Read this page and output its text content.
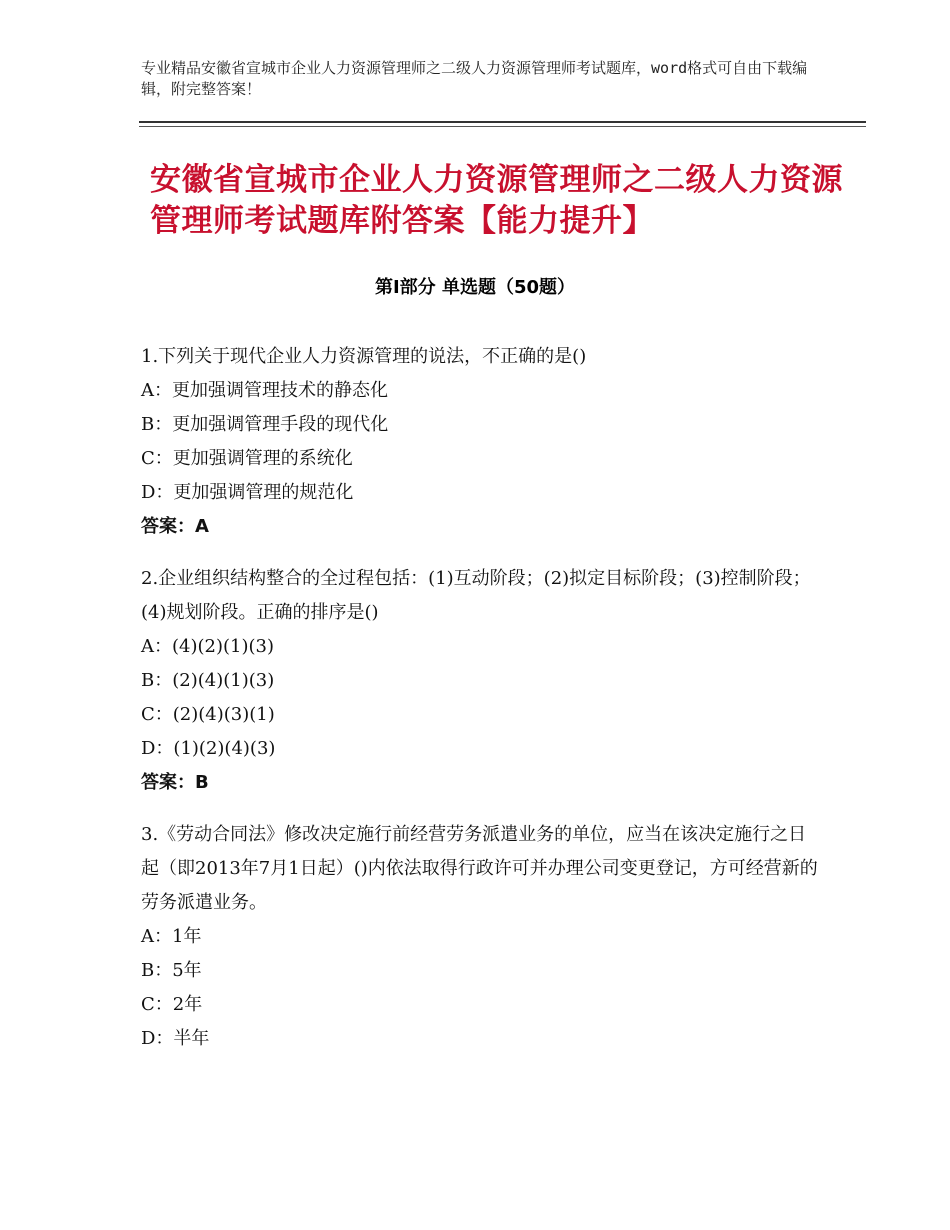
专业精品安徽省宣城市企业人力资源管理师之二级人力资源管理师考试题库，word格式可自由下载编辑，附完整答案！
安徽省宣城市企业人力资源管理师之二级人力资源管理师考试题库附答案【能力提升】
第Ⅰ部分 单选题（50题）

1.下列关于现代企业人力资源管理的说法，不正确的是()

A：更加强调管理技术的静态化

B：更加强调管理手段的现代化

C：更加强调管理的系统化

D：更加强调管理的规范化

答案：A

2.企业组织结构整合的全过程包括：(1)互动阶段；(2)拟定目标阶段；(3)控制阶段；(4)规划阶段。正确的排序是()

A：(4)(2)(1)(3)

B：(2)(4)(1)(3)

C：(2)(4)(3)(1)

D：(1)(2)(4)(3)

答案：B

3.《劳动合同法》修改决定施行前经营劳务派遣业务的单位，应当在该决定施行之日起（即2013年7月1日起）()内依法取得行政许可并办理公司变更登记，方可经营新的劳务派遣业务。

A：1年

B：5年

C：2年

D：半年
